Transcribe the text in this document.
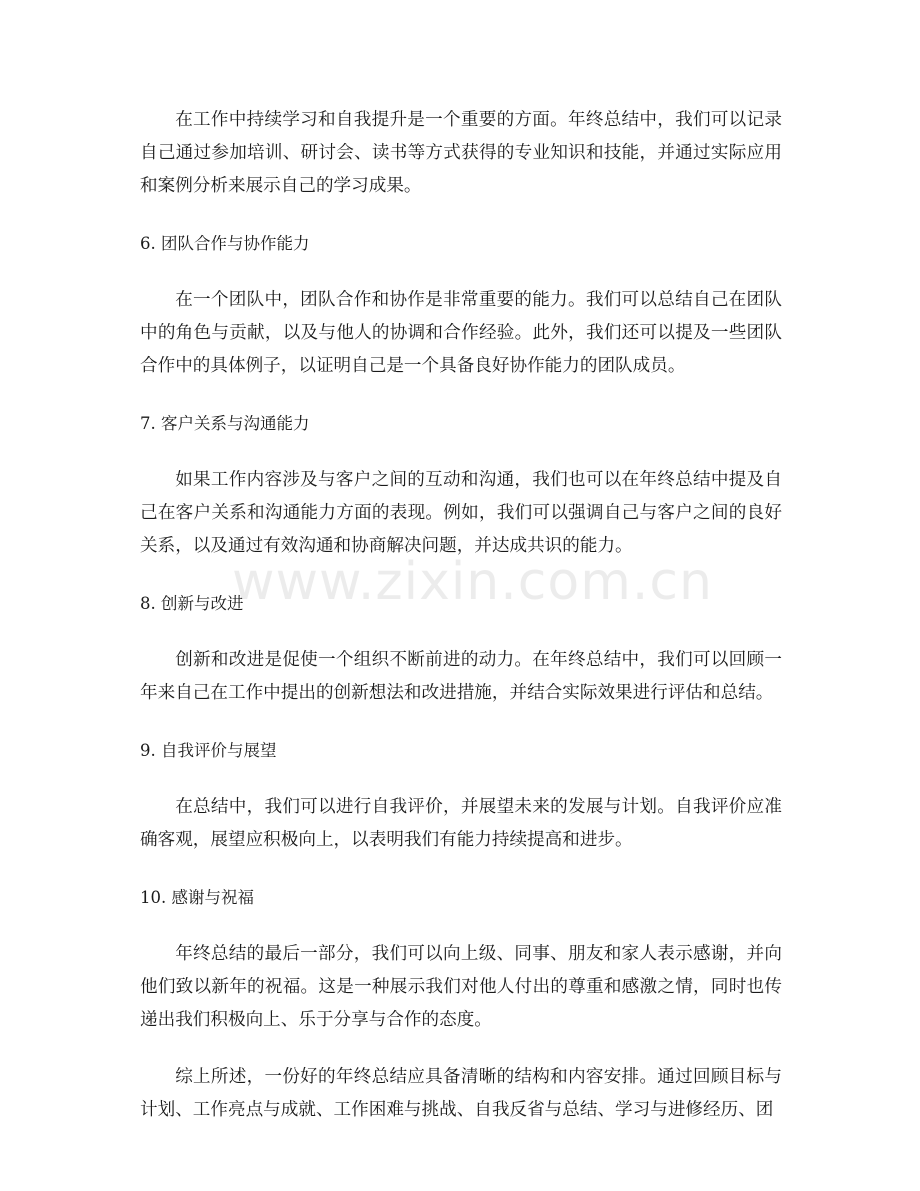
在工作中持续学习和自我提升是一个重要的方面。年终总结中，我们可以记录自己通过参加培训、研讨会、读书等方式获得的专业知识和技能，并通过实际应用和案例分析来展示自己的学习成果。

6. 团队合作与协作能力

在一个团队中，团队合作和协作是非常重要的能力。我们可以总结自己在团队中的角色与贡献，以及与他人的协调和合作经验。此外，我们还可以提及一些团队合作中的具体例子，以证明自己是一个具备良好协作能力的团队成员。

7. 客户关系与沟通能力

如果工作内容涉及与客户之间的互动和沟通，我们也可以在年终总结中提及自己在客户关系和沟通能力方面的表现。例如，我们可以强调自己与客户之间的良好关系，以及通过有效沟通和协商解决问题，并达成共识的能力。

8. 创新与改进

创新和改进是促使一个组织不断前进的动力。在年终总结中，我们可以回顾一年来自己在工作中提出的创新想法和改进措施，并结合实际效果进行评估和总结。

9. 自我评价与展望

在总结中，我们可以进行自我评价，并展望未来的发展与计划。自我评价应准确客观，展望应积极向上，以表明我们有能力持续提高和进步。

10. 感谢与祝福

年终总结的最后一部分，我们可以向上级、同事、朋友和家人表示感谢，并向他们致以新年的祝福。这是一种展示我们对他人付出的尊重和感激之情，同时也传递出我们积极向上、乐于分享与合作的态度。

综上所述，一份好的年终总结应具备清晰的结构和内容安排。通过回顾目标与计划、工作亮点与成就、工作困难与挑战、自我反省与总结、学习与进修经历、团

www.zixin.com.cn
